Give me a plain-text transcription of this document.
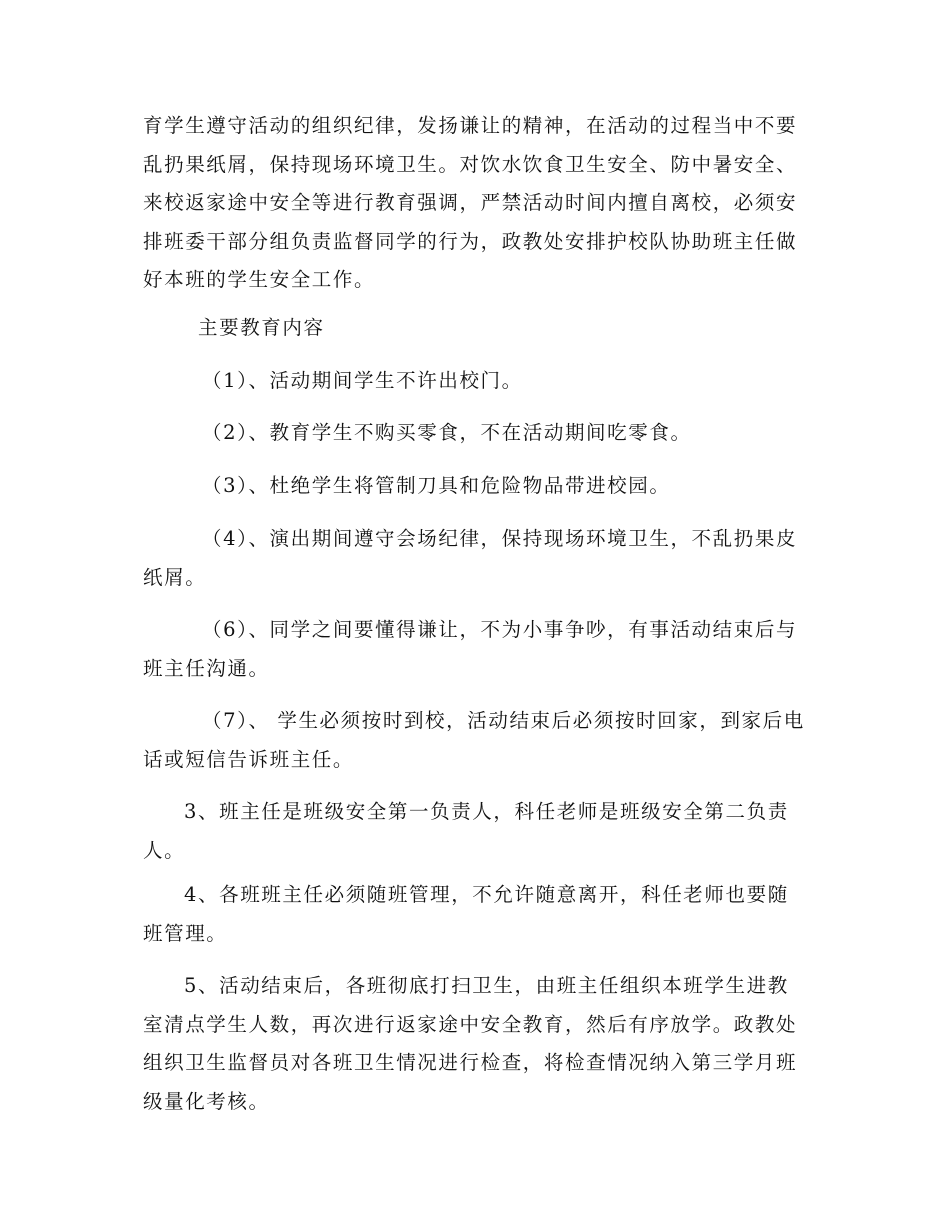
育学生遵守活动的组织纪律，发扬谦让的精神，在活动的过程当中不要乱扔果纸屑，保持现场环境卫生。对饮水饮食卫生安全、防中暑安全、来校返家途中安全等进行教育强调，严禁活动时间内擅自离校，必须安排班委干部分组负责监督同学的行为，政教处安排护校队协助班主任做好本班的学生安全工作。

主要教育内容

（1）、活动期间学生不许出校门。

（2）、教育学生不购买零食，不在活动期间吃零食。

（3）、杜绝学生将管制刀具和危险物品带进校园。

（4）、演出期间遵守会场纪律，保持现场环境卫生，不乱扔果皮纸屑。

（6）、同学之间要懂得谦让，不为小事争吵，有事活动结束后与班主任沟通。

（7）、 学生必须按时到校，活动结束后必须按时回家，到家后电话或短信告诉班主任。

3、班主任是班级安全第一负责人，科任老师是班级安全第二负责人。

4、各班班主任必须随班管理，不允许随意离开，科任老师也要随班管理。

5、活动结束后，各班彻底打扫卫生，由班主任组织本班学生进教室清点学生人数，再次进行返家途中安全教育，然后有序放学。政教处组织卫生监督员对各班卫生情况进行检查，将检查情况纳入第三学月班级量化考核。
